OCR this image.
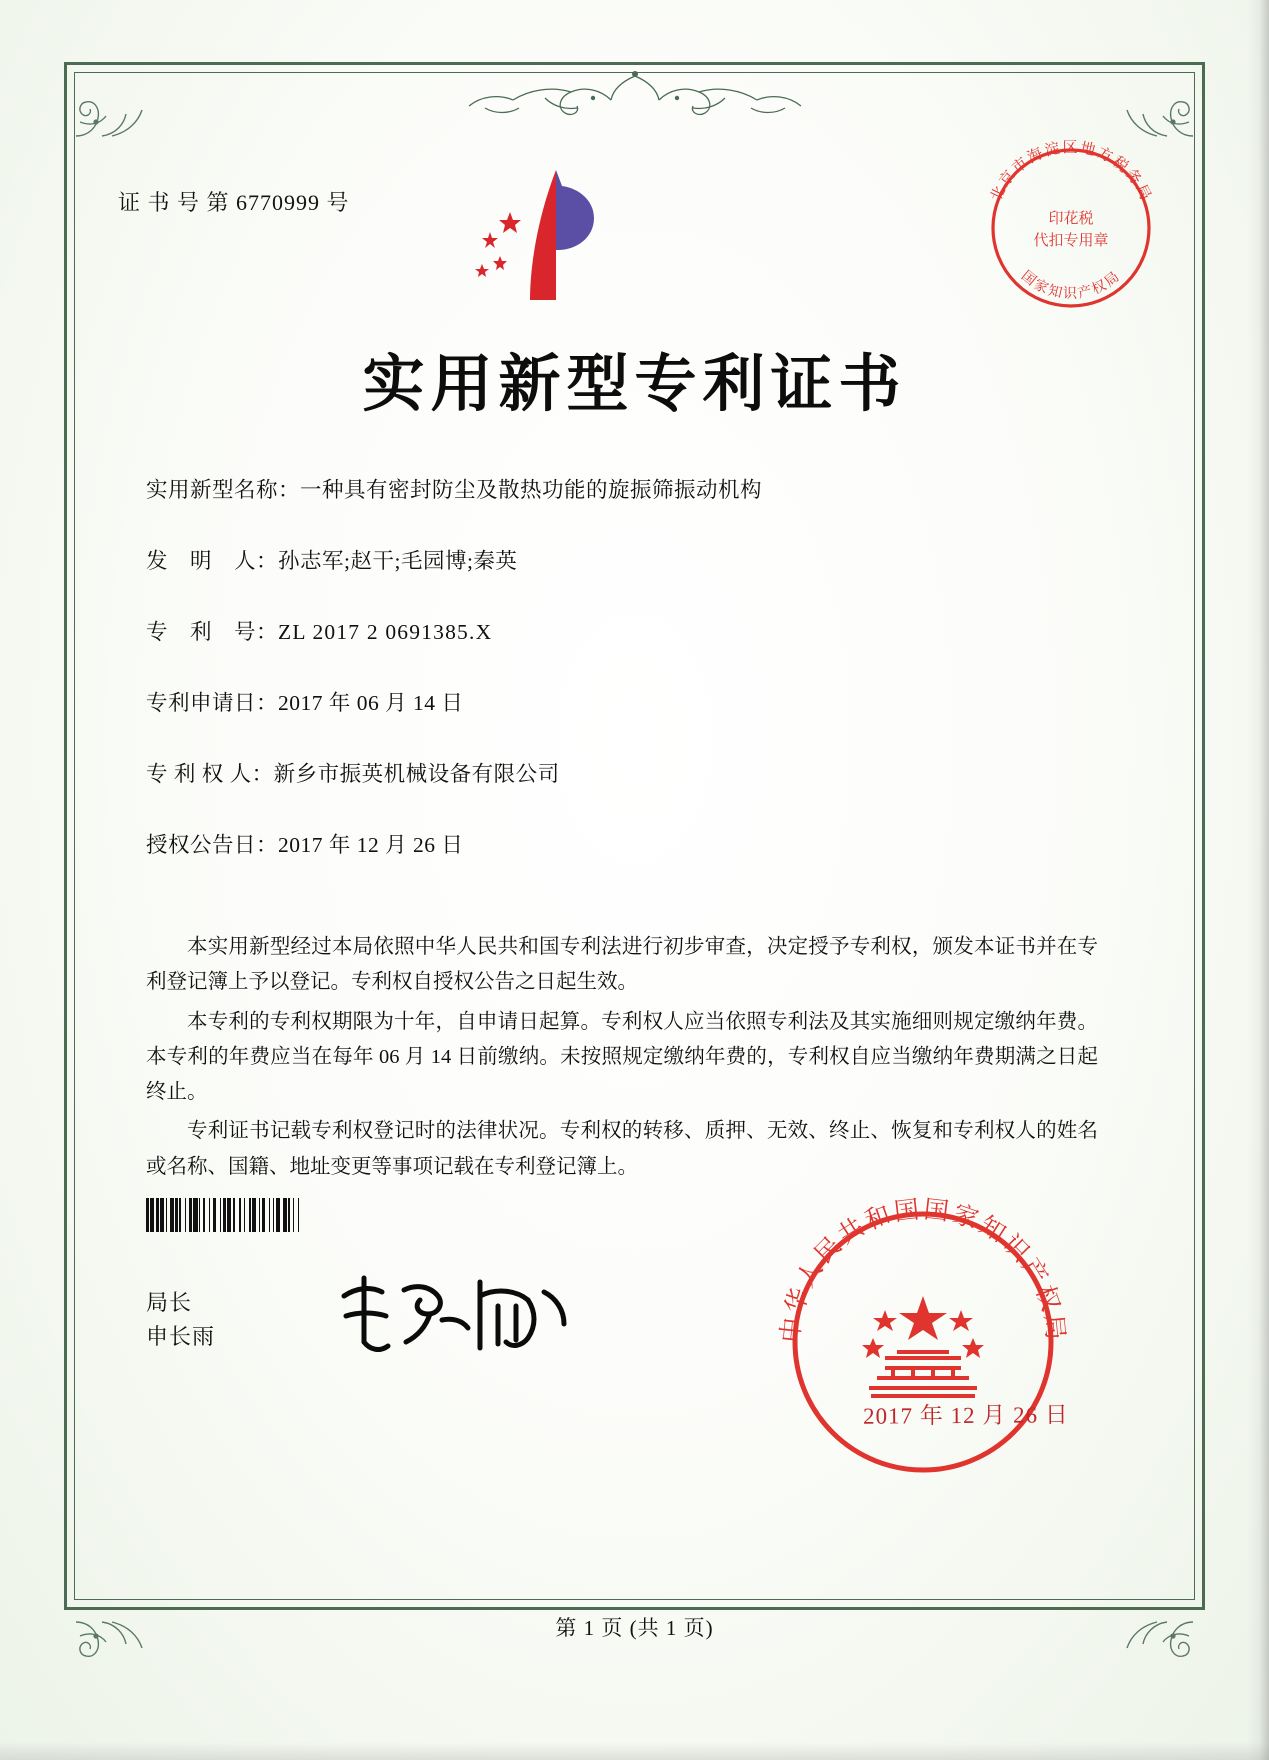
证 书 号 第 6770999 号	北京市海淀区地方税务局
国家知识产权局
印花税
代扣专用章
实用新型专利证书
实用新型名称：一种具有密封防尘及散热功能的旋振筛振动机构
发　明　人：孙志军;赵干;毛园博;秦英
专　利　号：ZL 2017 2 0691385.X
专利申请日：2017 年 06 月 14 日
专 利 权 人：新乡市振英机械设备有限公司
授权公告日：2017 年 12 月 26 日

本实用新型经过本局依照中华人民共和国专利法进行初步审查，决定授予专利权，颁发本证书并在专利登记簿上予以登记。专利权自授权公告之日起生效。

本专利的专利权期限为十年，自申请日起算。专利权人应当依照专利法及其实施细则规定缴纳年费。本专利的年费应当在每年 06 月 14 日前缴纳。未按照规定缴纳年费的，专利权自应当缴纳年费期满之日起终止。

专利证书记载专利权登记时的法律状况。专利权的转移、质押、无效、终止、恢复和专利权人的姓名或名称、国籍、地址变更等事项记载在专利登记簿上。

局长
申长雨	中华人民共和国国家知识产权局
2017 年 12 月 26 日
第 1 页 (共 1 页)
